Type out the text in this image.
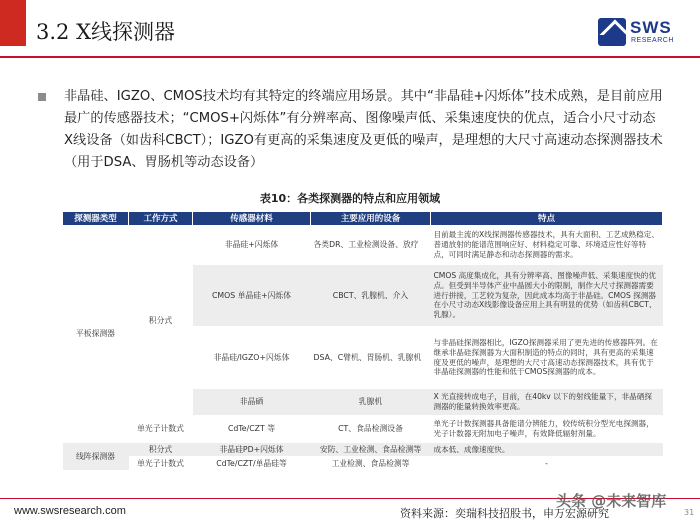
3.2 X线探测器	SWS
RESEARCH
非晶硅、IGZO、CMOS技术均有其特定的终端应用场景。其中“非晶硅+闪烁体”技术成熟，是目前应用最广的传感器技术；“CMOS+闪烁体”有分辨率高、图像噪声低、采集速度快的优点，适合小尺寸动态X线设备（如齿科CBCT）；IGZO有更高的采集速度及更低的噪声，是理想的大尺寸高速动态探测器技术（用于DSA、胃肠机等动态设备）
表10：各类探测器的特点和应用领域
探测器类型	工作方式	传感器材料	主要应用的设备	特点
平板探测器	积分式	非晶硅+闪烁体	各类DR、工业检测设备、放疗	目前最主流的X线探测器传感器技术，具有大面积、工艺成熟稳定、普通放射的能谱范围响应好、材料稳定可靠、环境适应性好等特点，可同时满足静态和动态探测器的需求。
		CMOS 单晶硅+闪烁体	CBCT、乳腺机、介入	CMOS 高度集成化，具有分辨率高、图像噪声低、采集速度快的优点。但受到半导体产业中晶圆大小的限制，制作大尺寸探测器需要进行拼接，工艺较为复杂，因此成本均高于非晶硅。CMOS 探测器在小尺寸动态X线影像设备应用上具有明显的优势（如齿科CBCT、乳腺）。
		非晶硅/IGZO+闪烁体	DSA、C臂机、胃肠机、乳腺机	与非晶硅探测器相比，IGZO探测器采用了更先进的传感器阵列。在继承非晶硅探测器为大面积制造的特点的同时，具有更高的采集速度及更低的噪声，是理想的大尺寸高速动态探测器技术，具有优于非晶硅探测器的性能和低于CMOS探测器的成本。
		非晶硒	乳腺机	X 光直接转成电子，目前，在40kv 以下的射线能量下，非晶硒探测器的能量转换效率更高。
	单光子计数式	CdTe/CZT 等	CT、食品检测设备	单光子计数探测器具备能谱分辨能力，较传统积分型光电探测器，光子计数器无附加电子噪声，有效降低辐射剂量。
线阵探测器	积分式	非晶硅PD+闪烁体	安防、工业检测、食品检测等	成本低、成像速度快。
	单光子计数式	CdTe/CZT/单晶硅等	工业检测、食品检测等	-
www.swsresearch.com
头条 @未来智库
资料来源：奕瑞科技招股书，申万宏源研究	31
